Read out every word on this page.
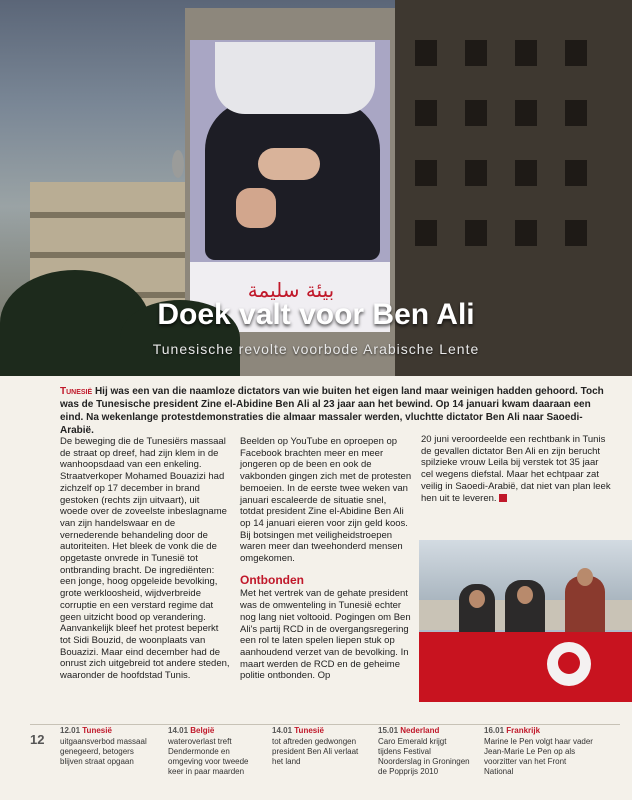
بيئة سليمة
Doek valt voor Ben Ali

Tunesische revolte voorbode Arabische Lente

Tunesië Hij was een van die naamloze dictators van wie buiten het eigen land maar weinigen hadden gehoord. Toch was de Tunesische president Zine el-Abidine Ben Ali al 23 jaar aan het bewind. Op 14 januari kwam daaraan een eind. Na wekenlange protestdemonstraties die almaar massaler werden, vluchtte dictator Ben Ali naar Saoedi-Arabië.

De beweging die de Tunesiërs massaal de straat op dreef, had zijn klem in de wanhoopsdaad van een enkeling. Straatverkoper Mohamed Bouazizi had zichzelf op 17 december in brand gestoken (rechts zijn uitvaart), uit woede over de zoveelste inbeslagname van zijn handelswaar en de vernederende behandeling door de autoriteiten. Het bleek de vonk die de opgetaste onvrede in Tunesië tot ontbranding bracht. De ingrediënten: een jonge, hoog opgeleide bevolking, grote werkloosheid, wijdverbreide corruptie en een verstard regime dat geen uitzicht bood op verandering. Aanvankelijk bleef het protest beperkt tot Sidi Bouzid, de woonplaats van Bouazizi. Maar eind december had de onrust zich uitgebreid tot andere steden, waaronder de hoofdstad Tunis.

Beelden op YouTube en oproepen op Facebook brachten meer en meer jongeren op de been en ook de vakbonden gingen zich met de protesten bemoeien. In de eerste twee weken van januari escaleerde de situatie snel, totdat president Zine el-Abidine Ben Ali op 14 januari eieren voor zijn geld koos. Bij botsingen met veiligheidstroepen waren meer dan tweehonderd mensen omgekomen.

Ontbonden

Met het vertrek van de gehate president was de omwenteling in Tunesië echter nog lang niet voltooid. Pogingen om Ben Ali's partij RCD in de overgangsregering een rol te laten spelen liepen stuk op aanhoudend verzet van de bevolking. In maart werden de RCD en de geheime politie ontbonden. Op

20 juni veroordeelde een rechtbank in Tunis de gevallen dictator Ben Ali en zijn berucht spilzieke vrouw Leila bij verstek tot 35 jaar cel wegens diefstal. Maar het echtpaar zat veilig in Saoedi-Arabië, dat niet van plan leek hen uit te leveren.

12
12.01 Tunesië
uitgaansverbod massaal genegeerd, betogers blijven straat opgaan
14.01 België
wateroverlast treft Dendermonde en omgeving voor tweede keer in paar maarden
14.01 Tunesië
tot aftreden gedwongen president Ben Ali verlaat het land
15.01 Nederland
Caro Emerald krijgt tijdens Festival Noorderslag in Groningen de Popprijs 2010
16.01 Frankrijk
Marine le Pen volgt haar vader Jean-Marie Le Pen op als voorzitter van het Front National
